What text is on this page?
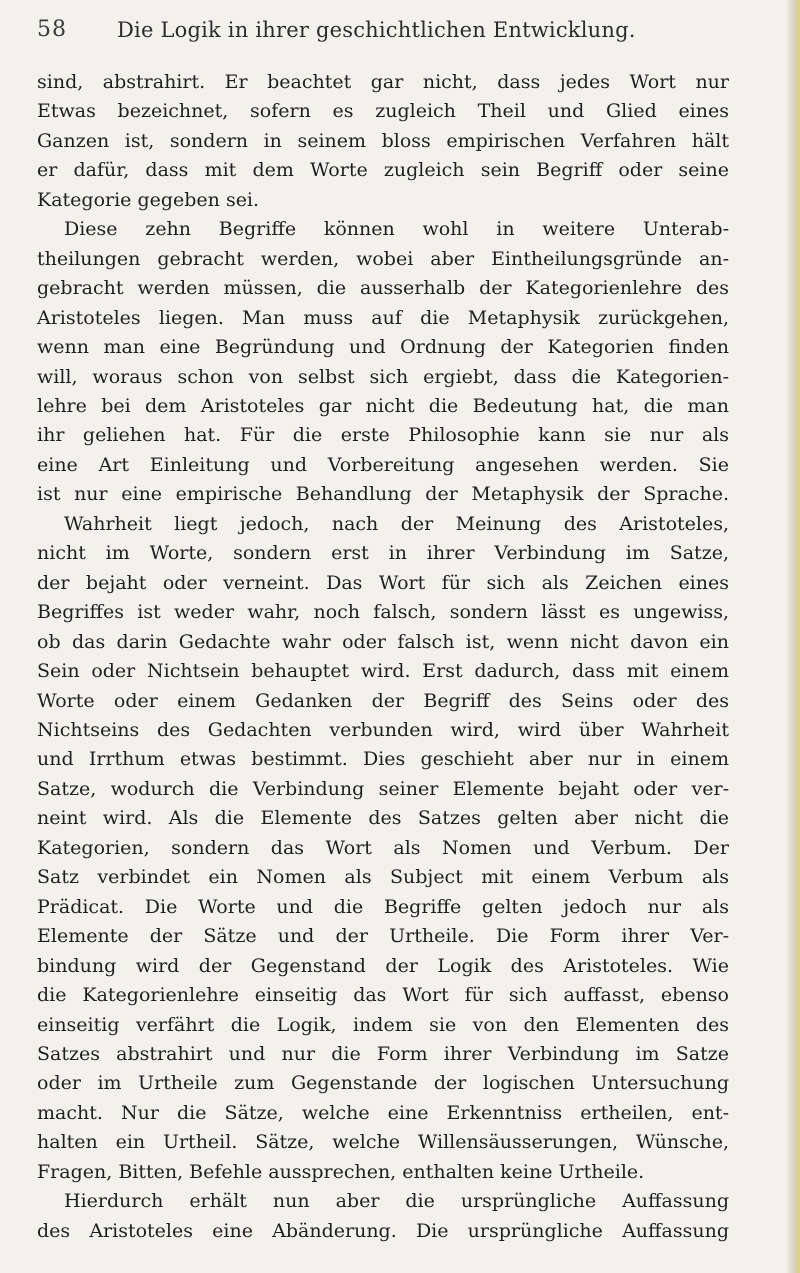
58 Die Logik in ihrer geschichtlichen Entwicklung.
sind, abstrahirt. Er beachtet gar nicht, dass jedes Wort nur
Etwas bezeichnet, sofern es zugleich Theil und Glied eines
Ganzen ist, sondern in seinem bloss empirischen Verfahren hält
er dafür, dass mit dem Worte zugleich sein Begriff oder seine
Kategorie gegeben sei.
Diese zehn Begriffe können wohl in weitere Unterab-
theilungen gebracht werden, wobei aber Eintheilungsgründe an-
gebracht werden müssen, die ausserhalb der Kategorienlehre des
Aristoteles liegen. Man muss auf die Metaphysik zurückgehen,
wenn man eine Begründung und Ordnung der Kategorien finden
will, woraus schon von selbst sich ergiebt, dass die Kategorien-
lehre bei dem Aristoteles gar nicht die Bedeutung hat, die man
ihr geliehen hat. Für die erste Philosophie kann sie nur als
eine Art Einleitung und Vorbereitung angesehen werden. Sie
ist nur eine empirische Behandlung der Metaphysik der Sprache.
Wahrheit liegt jedoch, nach der Meinung des Aristoteles,
nicht im Worte, sondern erst in ihrer Verbindung im Satze,
der bejaht oder verneint. Das Wort für sich als Zeichen eines
Begriffes ist weder wahr, noch falsch, sondern lässt es ungewiss,
ob das darin Gedachte wahr oder falsch ist, wenn nicht davon ein
Sein oder Nichtsein behauptet wird. Erst dadurch, dass mit einem
Worte oder einem Gedanken der Begriff des Seins oder des
Nichtseins des Gedachten verbunden wird, wird über Wahrheit
und Irrthum etwas bestimmt. Dies geschieht aber nur in einem
Satze, wodurch die Verbindung seiner Elemente bejaht oder ver-
neint wird. Als die Elemente des Satzes gelten aber nicht die
Kategorien, sondern das Wort als Nomen und Verbum. Der
Satz verbindet ein Nomen als Subject mit einem Verbum als
Prädicat. Die Worte und die Begriffe gelten jedoch nur als
Elemente der Sätze und der Urtheile. Die Form ihrer Ver-
bindung wird der Gegenstand der Logik des Aristoteles. Wie
die Kategorienlehre einseitig das Wort für sich auffasst, ebenso
einseitig verfährt die Logik, indem sie von den Elementen des
Satzes abstrahirt und nur die Form ihrer Verbindung im Satze
oder im Urtheile zum Gegenstande der logischen Untersuchung
macht. Nur die Sätze, welche eine Erkenntniss ertheilen, ent-
halten ein Urtheil. Sätze, welche Willensäusserungen, Wünsche,
Fragen, Bitten, Befehle aussprechen, enthalten keine Urtheile.
Hierdurch erhält nun aber die ursprüngliche Auffassung
des Aristoteles eine Abänderung. Die ursprüngliche Auffassung
